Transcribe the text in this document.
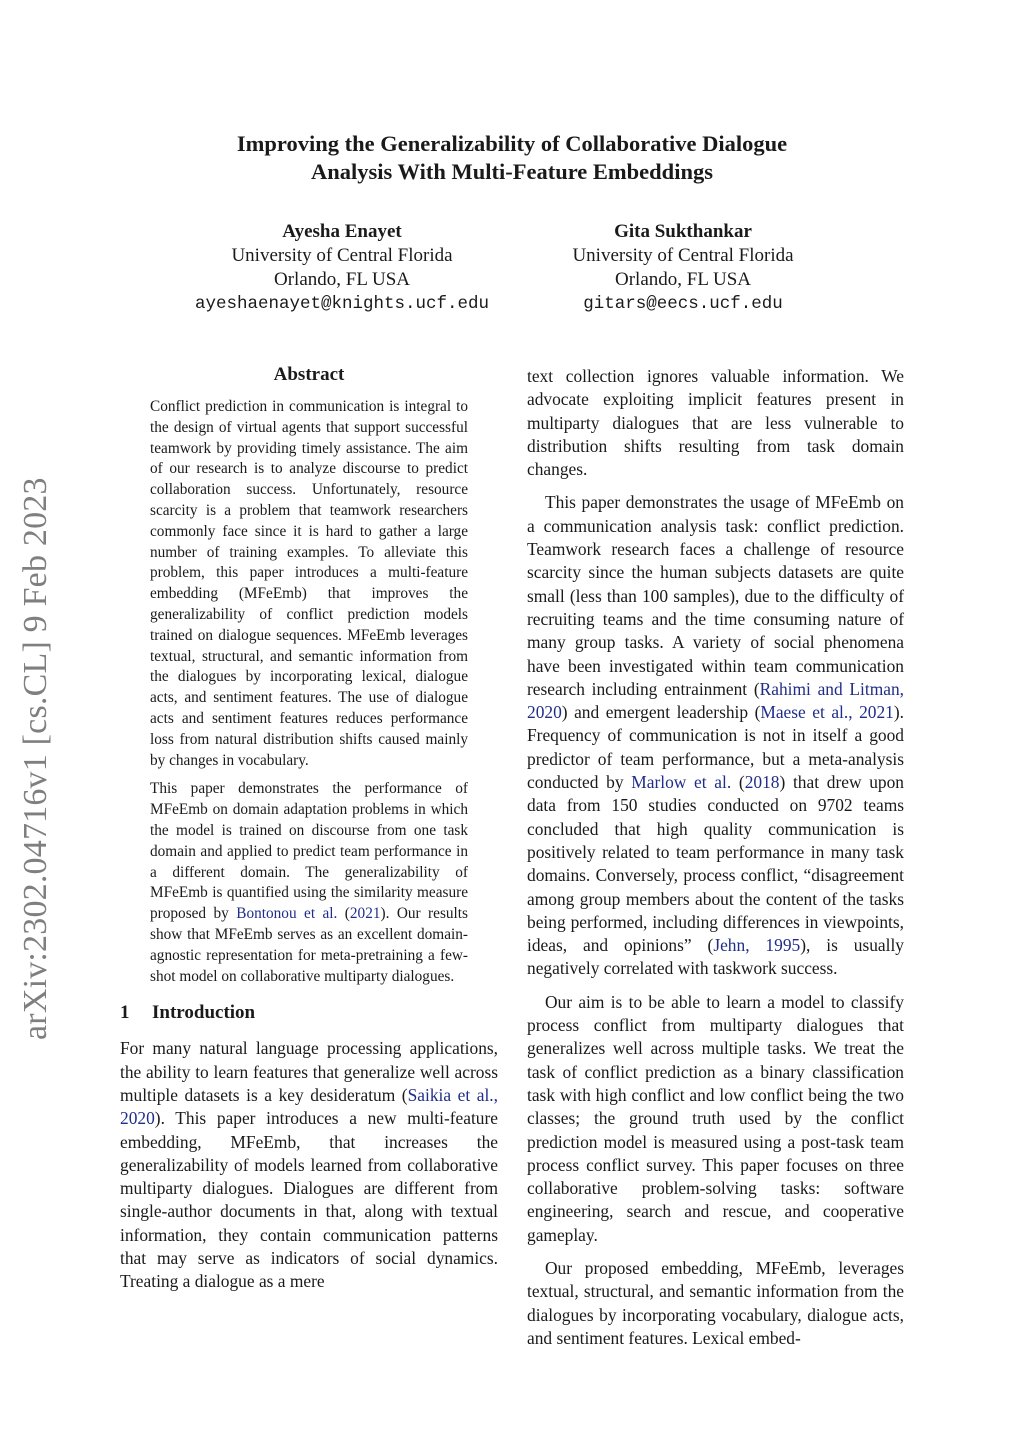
Improving the Generalizability of Collaborative Dialogue
Analysis With Multi-Feature Embeddings
Ayesha Enayet
University of Central Florida
Orlando, FL USA
ayeshaenayet@knights.ucf.edu
Gita Sukthankar
University of Central Florida
Orlando, FL USA
gitars@eecs.ucf.edu
arXiv:2302.04716v1 [cs.CL] 9 Feb 2023
Abstract

Conflict prediction in communication is integral to the design of virtual agents that support successful teamwork by providing timely assistance. The aim of our research is to analyze discourse to predict collaboration success. Unfortunately, resource scarcity is a problem that teamwork researchers commonly face since it is hard to gather a large number of training examples. To alleviate this problem, this paper introduces a multi-feature embedding (MFeEmb) that improves the generalizability of conflict prediction models trained on dialogue sequences. MFeEmb leverages textual, structural, and semantic information from the dialogues by incorporating lexical, dialogue acts, and sentiment features. The use of dialogue acts and sentiment features reduces performance loss from natural distribution shifts caused mainly by changes in vocabulary.

This paper demonstrates the performance of MFeEmb on domain adaptation problems in which the model is trained on discourse from one task domain and applied to predict team performance in a different domain. The generalizability of MFeEmb is quantified using the similarity measure proposed by Bontonou et al. (2021). Our results show that MFeEmb serves as an excellent domain-agnostic representation for meta-pretraining a few-shot model on collaborative multiparty dialogues.

1 Introduction

For many natural language processing applications, the ability to learn features that generalize well across multiple datasets is a key desideratum (Saikia et al., 2020). This paper introduces a new multi-feature embedding, MFeEmb, that increases the generalizability of models learned from collaborative multiparty dialogues. Dialogues are different from single-author documents in that, along with textual information, they contain communication patterns that may serve as indicators of social dynamics. Treating a dialogue as a mere

text collection ignores valuable information. We advocate exploiting implicit features present in multiparty dialogues that are less vulnerable to distribution shifts resulting from task domain changes.

This paper demonstrates the usage of MFeEmb on a communication analysis task: conflict prediction. Teamwork research faces a challenge of resource scarcity since the human subjects datasets are quite small (less than 100 samples), due to the difficulty of recruiting teams and the time consuming nature of many group tasks. A variety of social phenomena have been investigated within team communication research including entrainment (Rahimi and Litman, 2020) and emergent leadership (Maese et al., 2021). Frequency of communication is not in itself a good predictor of team performance, but a meta-analysis conducted by Marlow et al. (2018) that drew upon data from 150 studies conducted on 9702 teams concluded that high quality communication is positively related to team performance in many task domains. Conversely, process conflict, “disagreement among group members about the content of the tasks being performed, including differences in viewpoints, ideas, and opinions” (Jehn, 1995), is usually negatively correlated with taskwork success.

Our aim is to be able to learn a model to classify process conflict from multiparty dialogues that generalizes well across multiple tasks. We treat the task of conflict prediction as a binary classification task with high conflict and low conflict being the two classes; the ground truth used by the conflict prediction model is measured using a post-task team process conflict survey. This paper focuses on three collaborative problem-solving tasks: software engineering, search and rescue, and cooperative gameplay.

Our proposed embedding, MFeEmb, leverages textual, structural, and semantic information from the dialogues by incorporating vocabulary, dialogue acts, and sentiment features. Lexical embed-
